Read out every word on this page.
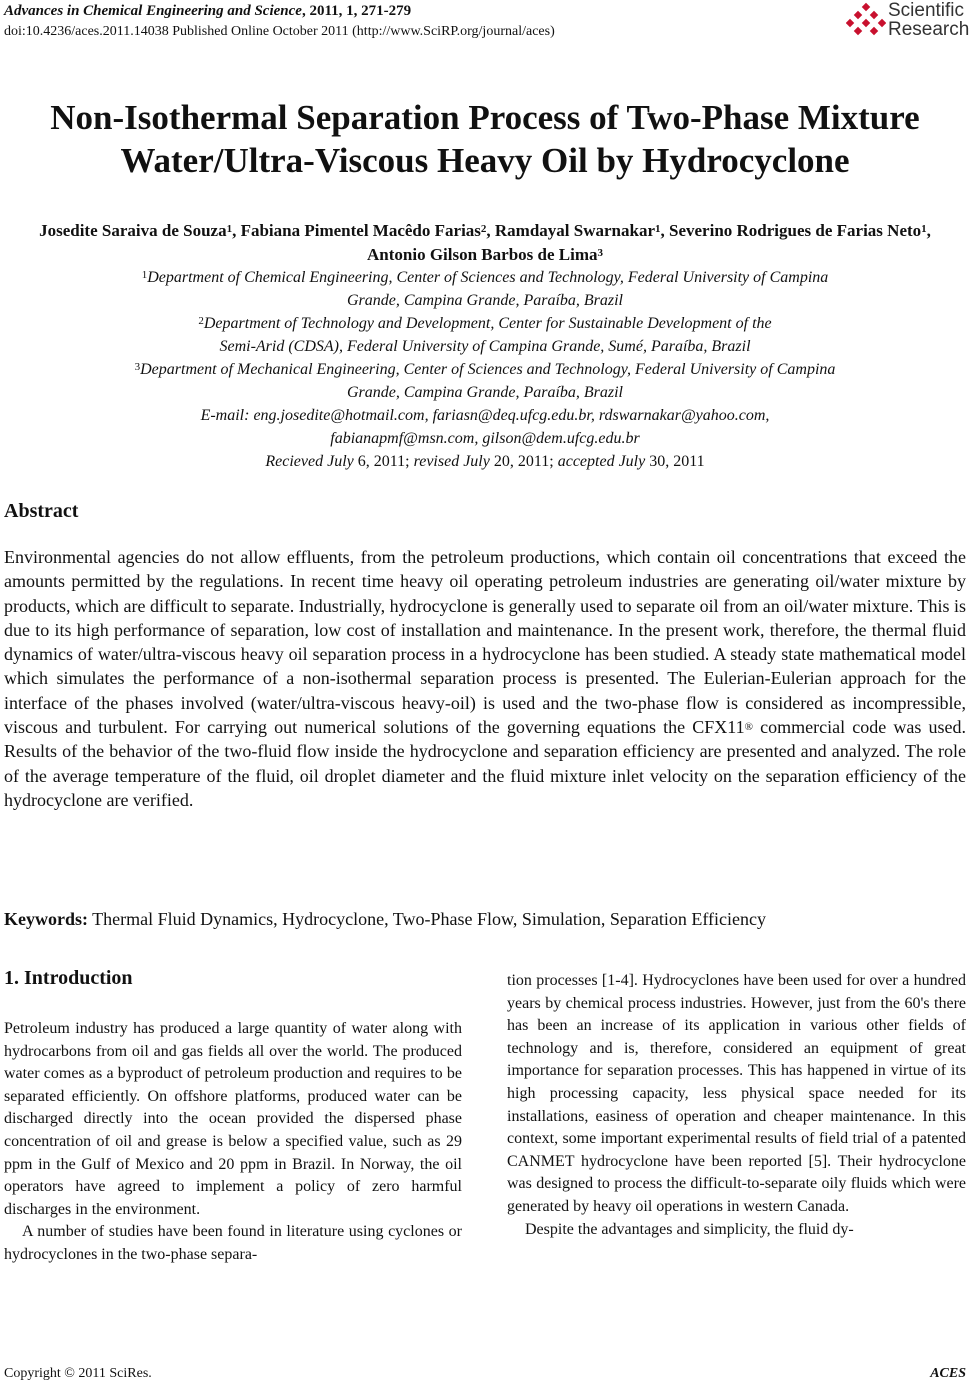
Advances in Chemical Engineering and Science, 2011, 1, 271-279
doi:10.4236/aces.2011.14038 Published Online October 2011 (http://www.SciRP.org/journal/aces)
Scientific
Research
Non-Isothermal Separation Process of Two-Phase Mixture
Water/Ultra-Viscous Heavy Oil by Hydrocyclone
Josedite Saraiva de Souza$^1$, Fabiana Pimentel Macêdo Farias$^2$, Ramdayal Swarnakar$^1$, Severino Rodrigues de Farias Neto$^1$, Antonio Gilson Barbos de Lima$^3$

$^1$Department of Chemical Engineering, Center of Sciences and Technology, Federal University of Campina

Grande, Campina Grande, Paraíba, Brazil

$^2$Department of Technology and Development, Center for Sustainable Development of the

Semi-Arid (CDSA), Federal University of Campina Grande, Sumé, Paraíba, Brazil

$^3$Department of Mechanical Engineering, Center of Sciences and Technology, Federal University of Campina

Grande, Campina Grande, Paraíba, Brazil

E-mail: eng.josedite@hotmail.com, fariasn@deq.ufcg.edu.br, rdswarnakar@yahoo.com,

fabianapmf@msn.com, gilson@dem.ufcg.edu.br

Recieved July 6, 2011; revised July 20, 2011; accepted July 30, 2011

Abstract
Environmental agencies do not allow effluents, from the petroleum productions, which contain oil concentrations that exceed the amounts permitted by the regulations. In recent time heavy oil operating petroleum industries are generating oil/water mixture by products, which are difficult to separate. Industrially, hydrocyclone is generally used to separate oil from an oil/water mixture. This is due to its high performance of separation, low cost of installation and maintenance. In the present work, therefore, the thermal fluid dynamics of water/ultra-viscous heavy oil separation process in a hydrocyclone has been studied. A steady state mathematical model which simulates the performance of a non-isothermal separation process is presented. The Eulerian-Eulerian approach for the interface of the phases involved (water/ultra-viscous heavy-oil) is used and the two-phase flow is considered as incompressible, viscous and turbulent. For carrying out numerical solutions of the governing equations the CFX11® commercial code was used. Results of the behavior of the two-fluid flow inside the hydrocyclone and separation efficiency are presented and analyzed. The role of the average temperature of the fluid, oil droplet diameter and the fluid mixture inlet velocity on the separation efficiency of the hydrocyclone are verified.
Keywords: Thermal Fluid Dynamics, Hydrocyclone, Two-Phase Flow, Simulation, Separation Efficiency
1. Introduction

Petroleum industry has produced a large quantity of water along with hydrocarbons from oil and gas fields all over the world. The produced water comes as a byproduct of petroleum production and requires to be separated efficiently. On offshore platforms, produced water can be discharged directly into the ocean provided the dispersed phase concentration of oil and grease is below a specified value, such as 29 ppm in the Gulf of Mexico and 20 ppm in Brazil. In Norway, the oil operators have agreed to implement a policy of zero harmful discharges in the environment.

A number of studies have been found in literature using cyclones or hydrocyclones in the two-phase separa-

tion processes [1-4]. Hydrocyclones have been used for over a hundred years by chemical process industries. However, just from the 60's there has been an increase of its application in various other fields of technology and is, therefore, considered an equipment of great importance for separation processes. This has happened in virtue of its high processing capacity, less physical space needed for its installations, easiness of operation and cheaper maintenance. In this context, some important experimental results of field trial of a patented CANMET hydrocyclone have been reported [5]. Their hydrocyclone was designed to process the difficult-to-separate oily fluids which were generated by heavy oil operations in western Canada.

Despite the advantages and simplicity, the fluid dy-

Copyright © 2011 SciRes.	ACES
